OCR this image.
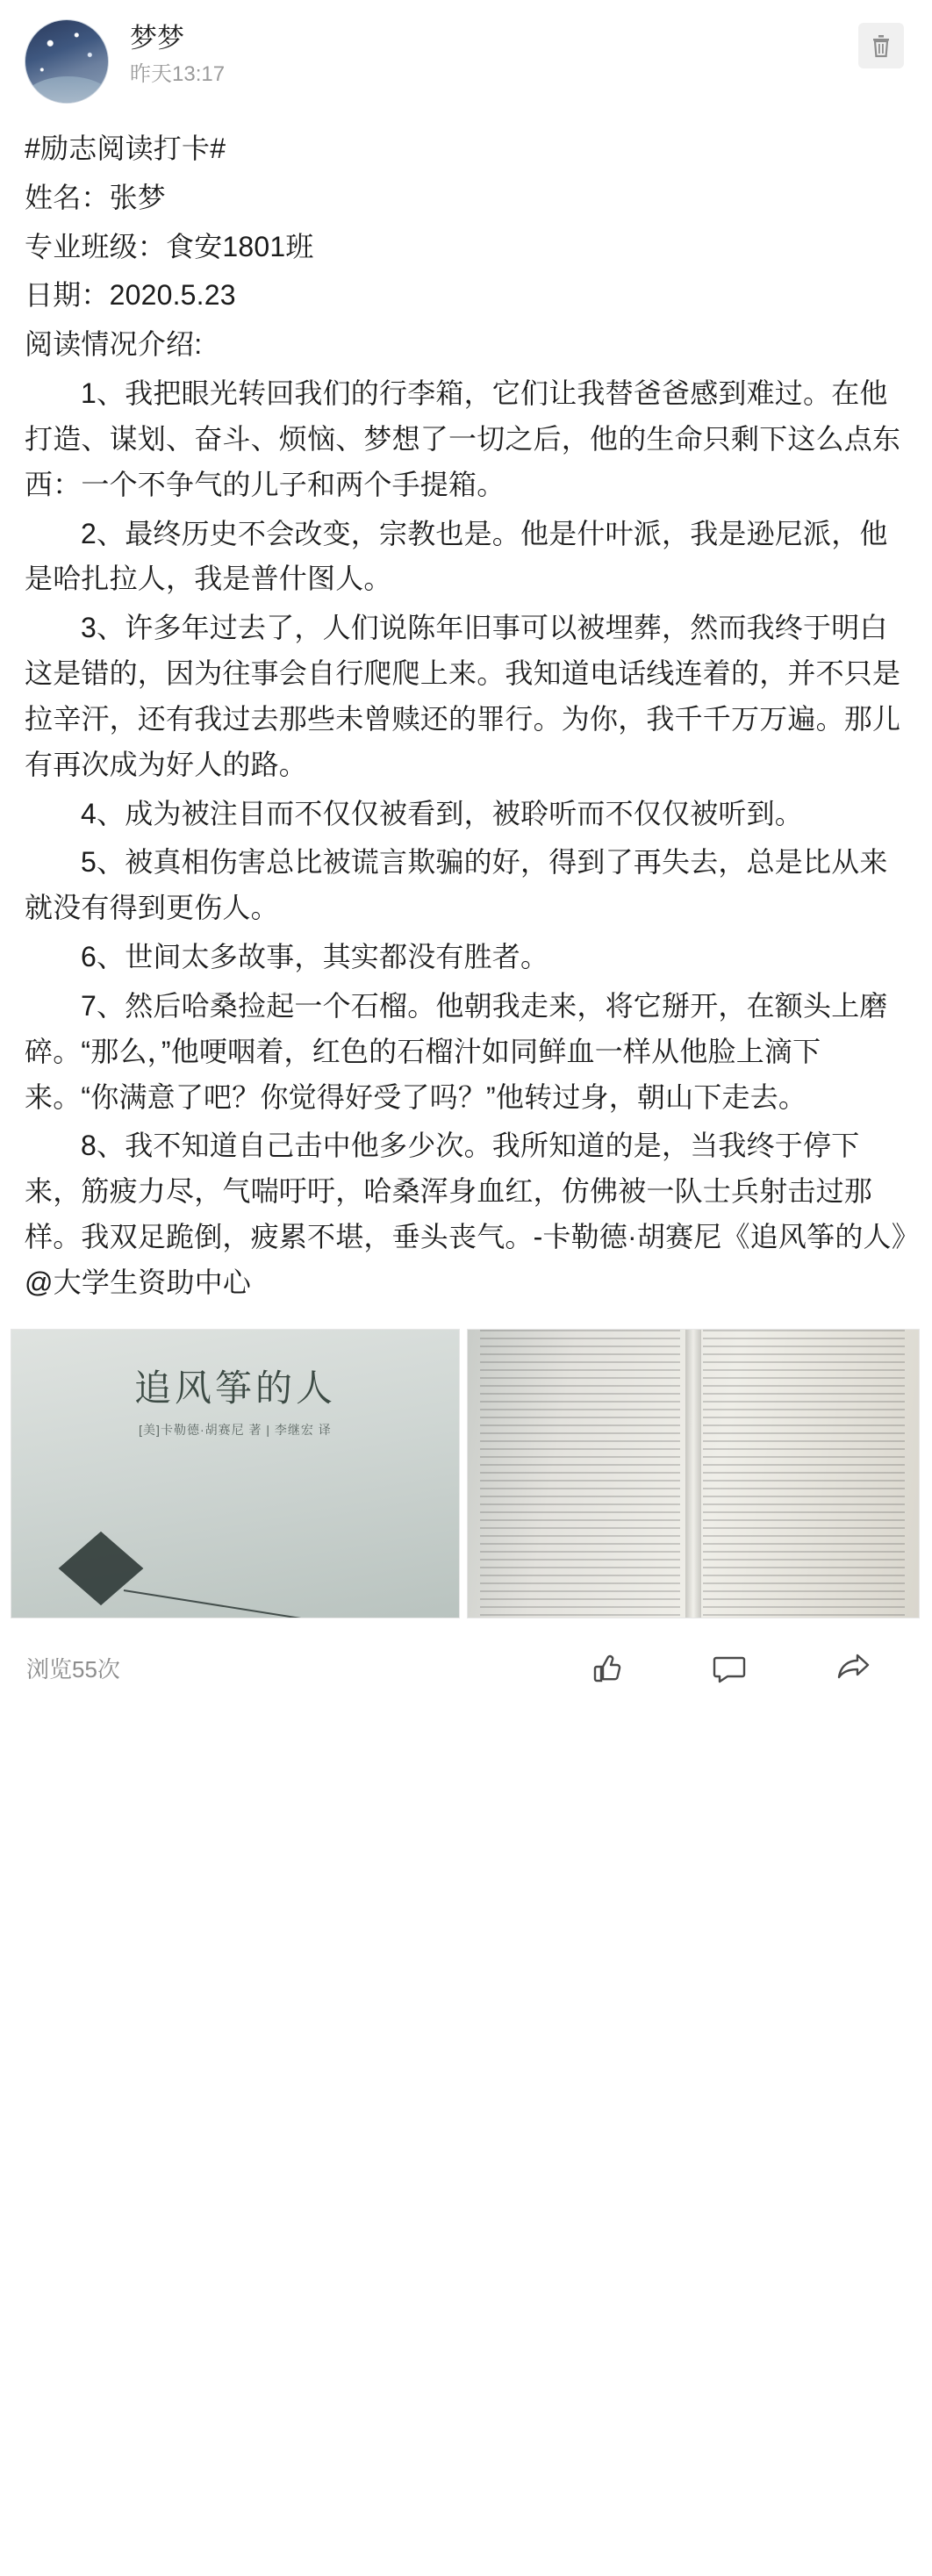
梦梦
昨天13:17

#励志阅读打卡#

姓名：张梦

专业班级：食安1801班

日期：2020.5.23

阅读情况介绍:

1、我把眼光转回我们的行李箱，它们让我替爸爸感到难过。在他打造、谋划、奋斗、烦恼、梦想了一切之后，他的生命只剩下这么点东西：一个不争气的儿子和两个手提箱。

2、最终历史不会改变，宗教也是。他是什叶派，我是逊尼派，他是哈扎拉人，我是普什图人。

3、许多年过去了，人们说陈年旧事可以被埋葬，然而我终于明白这是错的，因为往事会自行爬爬上来。我知道电话线连着的，并不只是拉辛汗，还有我过去那些未曾赎还的罪行。为你，我千千万万遍。那儿有再次成为好人的路。

4、成为被注目而不仅仅被看到，被聆听而不仅仅被听到。

5、被真相伤害总比被谎言欺骗的好，得到了再失去，总是比从来就没有得到更伤人。

6、世间太多故事，其实都没有胜者。

7、然后哈桑捡起一个石榴。他朝我走来，将它掰开，在额头上磨碎。“那么，”他哽咽着，红色的石榴汁如同鲜血一样从他脸上滴下来。“你满意了吧？你觉得好受了吗？”他转过身，朝山下走去。

8、我不知道自己击中他多少次。我所知道的是，当我终于停下来，筋疲力尽，气喘吁吁，哈桑浑身血红，仿佛被一队士兵射击过那样。我双足跪倒，疲累不堪，垂头丧气。-卡勒德·胡赛尼《追风筝的人》@大学生资助中心

追风筝的人
[美]卡勒德·胡赛尼 著 | 李继宏 译
浏览55次
